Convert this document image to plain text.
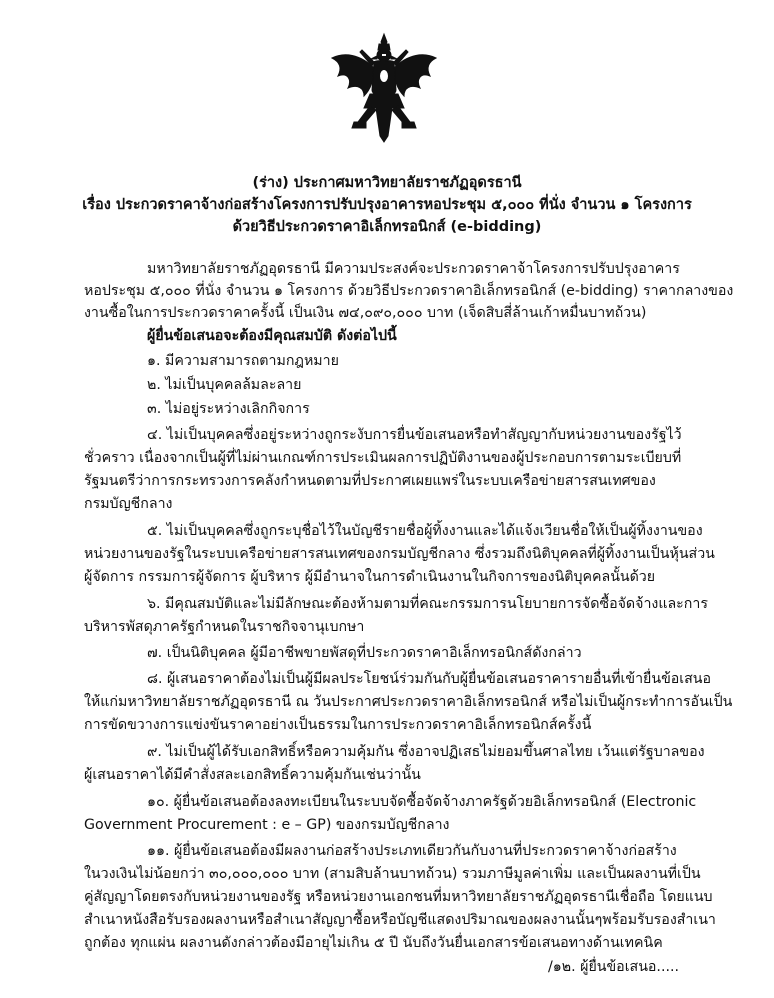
(ร่าง) ประกาศมหาวิทยาลัยราชภัฏอุดรธานี
เรื่อง ประกวดราคาจ้างก่อสร้างโครงการปรับปรุงอาคารหอประชุม ๕,๐๐๐ ที่นั่ง จำนวน ๑ โครงการ
ด้วยวิธีประกวดราคาอิเล็กทรอนิกส์ (e-bidding)
มหาวิทยาลัยราชภัฏอุดรธานี มีความประสงค์จะประกวดราคาจ้าโครงการปรับปรุงอาคาร
หอประชุม ๕,๐๐๐ ที่นั่ง จำนวน ๑ โครงการ ด้วยวิธีประกวดราคาอิเล็กทรอนิกส์ (e-bidding) ราคากลางของ
งานซื้อในการประกวดราคาครั้งนี้ เป็นเงิน ๗๔,๐๙๐,๐๐๐ บาท (เจ็ดสิบสี่ล้านเก้าหมื่นบาทถ้วน)
ผู้ยื่นข้อเสนอจะต้องมีคุณสมบัติ ดังต่อไปนี้
๑. มีความสามารถตามกฎหมาย
๒. ไม่เป็นบุคคลล้มละลาย
๓. ไม่อยู่ระหว่างเลิกกิจการ
๔. ไม่เป็นบุคคลซึ่งอยู่ระหว่างถูกระงับการยื่นข้อเสนอหรือทำสัญญากับหน่วยงานของรัฐไว้
ชั่วคราว เนื่องจากเป็นผู้ที่ไม่ผ่านเกณฑ์การประเมินผลการปฏิบัติงานของผู้ประกอบการตามระเบียบที่
รัฐมนตรีว่าการกระทรวงการคลังกำหนดตามที่ประกาศเผยแพร่ในระบบเครือข่ายสารสนเทศของ
กรมบัญชีกลาง
๕. ไม่เป็นบุคคลซึ่งถูกระบุชื่อไว้ในบัญชีรายชื่อผู้ทิ้งงานและได้แจ้งเวียนชื่อให้เป็นผู้ทิ้งงานของ
หน่วยงานของรัฐในระบบเครือข่ายสารสนเทศของกรมบัญชีกลาง ซึ่งรวมถึงนิติบุคคลที่ผู้ทิ้งงานเป็นหุ้นส่วน
ผู้จัดการ กรรมการผู้จัดการ ผู้บริหาร ผู้มีอำนาจในการดำเนินงานในกิจการของนิติบุคคลนั้นด้วย
๖. มีคุณสมบัติและไม่มีลักษณะต้องห้ามตามที่คณะกรรมการนโยบายการจัดซื้อจัดจ้างและการ
บริหารพัสดุภาครัฐกำหนดในราชกิจจานุเบกษา
๗. เป็นนิติบุคคล ผู้มีอาชีพขายพัสดุที่ประกวดราคาอิเล็กทรอนิกส์ดังกล่าว
๘. ผู้เสนอราคาต้องไม่เป็นผู้มีผลประโยชน์ร่วมกันกับผู้ยื่นข้อเสนอราคารายอื่นที่เข้ายื่นข้อเสนอ
ให้แก่มหาวิทยาลัยราชภัฏอุดรธานี ณ วันประกาศประกวดราคาอิเล็กทรอนิกส์ หรือไม่เป็นผู้กระทำการอันเป็น
การขัดขวางการแข่งขันราคาอย่างเป็นธรรมในการประกวดราคาอิเล็กทรอนิกส์ครั้งนี้
๙. ไม่เป็นผู้ได้รับเอกสิทธิ์หรือความคุ้มกัน ซึ่งอาจปฏิเสธไม่ยอมขึ้นศาลไทย เว้นแต่รัฐบาลของ
ผู้เสนอราคาได้มีคำสั่งสละเอกสิทธิ์ความคุ้มกันเช่นว่านั้น
๑๐. ผู้ยื่นข้อเสนอต้องลงทะเบียนในระบบจัดซื้อจัดจ้างภาครัฐด้วยอิเล็กทรอนิกส์ (Electronic
Government Procurement : e – GP) ของกรมบัญชีกลาง
๑๑. ผู้ยื่นข้อเสนอต้องมีผลงานก่อสร้างประเภทเดียวกันกับงานที่ประกวดราคาจ้างก่อสร้าง
ในวงเงินไม่น้อยกว่า ๓๐,๐๐๐,๐๐๐ บาท (สามสิบล้านบาทถ้วน) รวมภาษีมูลค่าเพิ่ม และเป็นผลงานที่เป็น
คู่สัญญาโดยตรงกับหน่วยงานของรัฐ หรือหน่วยงานเอกชนที่มหาวิทยาลัยราชภัฏอุดรธานีเชื่อถือ โดยแนบ
สำเนาหนังสือรับรองผลงานหรือสำเนาสัญญาซื้อหรือบัญชีแสดงปริมาณของผลงานนั้นๆพร้อมรับรองสำเนา
ถูกต้อง ทุกแผ่น ผลงานดังกล่าวต้องมีอายุไม่เกิน ๕ ปี นับถึงวันยื่นเอกสารข้อเสนอทางด้านเทคนิค
/๑๒. ผู้ยื่นข้อเสนอ.....
